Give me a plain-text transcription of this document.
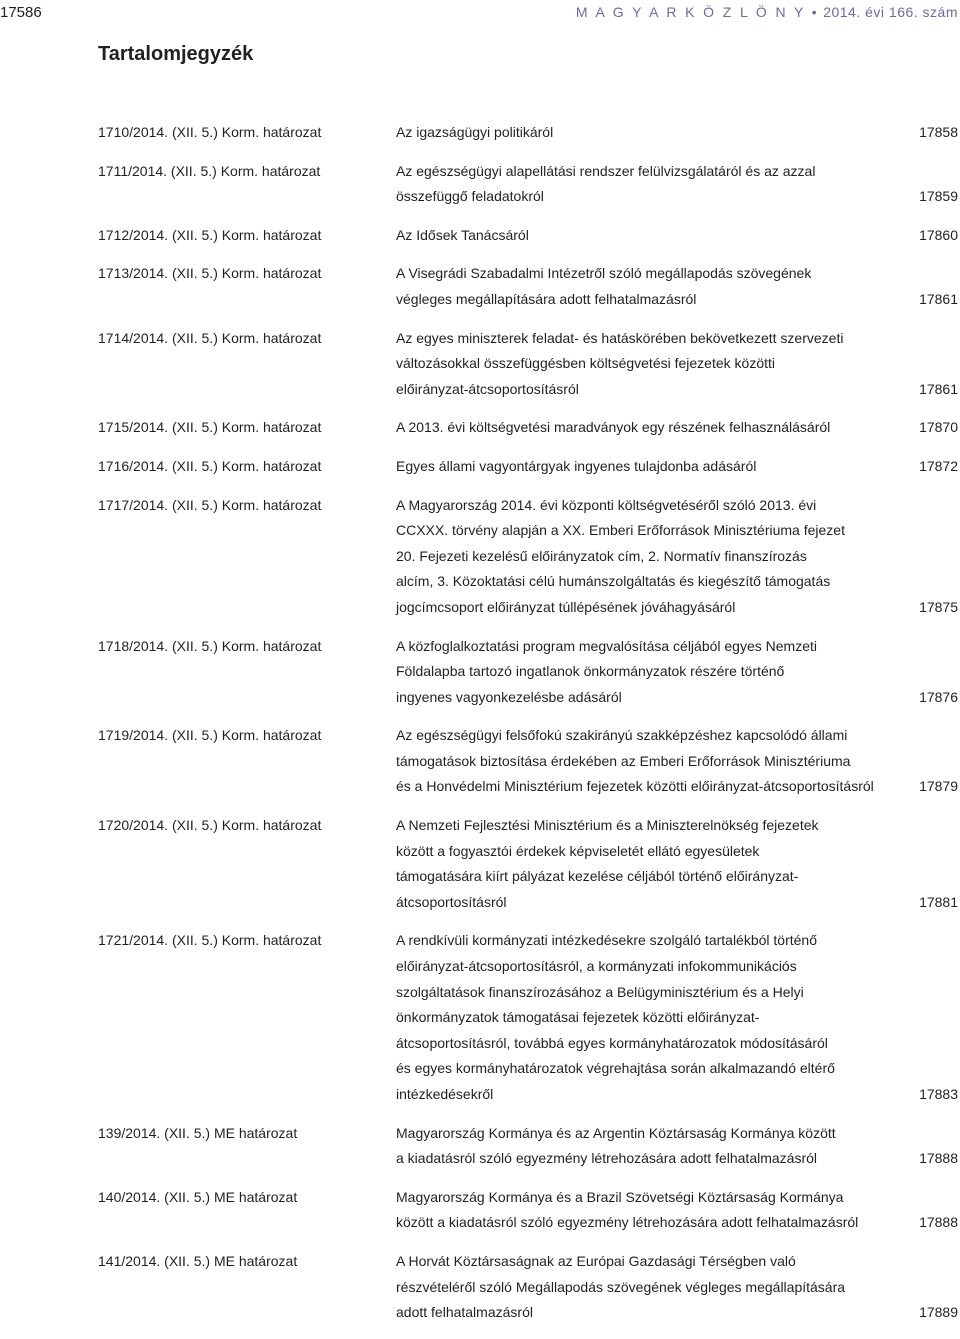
17586	M A G Y A R K Ö Z L Ö N Y • 2014. évi 166. szám
Tartalomjegyzék
1710/2014. (XII. 5.) Korm. határozat	Az igazságügyi politikáról	17858
1711/2014. (XII. 5.) Korm. határozat	Az egészségügyi alapellátási rendszer felülvizsgálatáról és az azzal
összefüggő feladatokról	17859
1712/2014. (XII. 5.) Korm. határozat	Az Idősek Tanácsáról	17860
1713/2014. (XII. 5.) Korm. határozat	A Visegrádi Szabadalmi Intézetről szóló megállapodás szövegének
végleges megállapítására adott felhatalmazásról	17861
1714/2014. (XII. 5.) Korm. határozat	Az egyes miniszterek feladat- és hatáskörében bekövetkezett szervezeti
változásokkal összefüggésben költségvetési fejezetek közötti
előirányzat-átcsoportosításról	17861
1715/2014. (XII. 5.) Korm. határozat	A 2013. évi költségvetési maradványok egy részének felhasználásáról	17870
1716/2014. (XII. 5.) Korm. határozat	Egyes állami vagyontárgyak ingyenes tulajdonba adásáról	17872
1717/2014. (XII. 5.) Korm. határozat	A Magyarország 2014. évi központi költségvetéséről szóló 2013. évi
CCXXX. törvény alapján a XX. Emberi Erőforrások Minisztériuma fejezet
20. Fejezeti kezelésű előirányzatok cím, 2. Normatív finanszírozás
alcím, 3. Közoktatási célú humánszolgáltatás és kiegészítő támogatás
jogcímcsoport előirányzat túllépésének jóváhagyásáról	17875
1718/2014. (XII. 5.) Korm. határozat	A közfoglalkoztatási program megvalósítása céljából egyes Nemzeti
Földalapba tartozó ingatlanok önkormányzatok részére történő
ingyenes vagyonkezelésbe adásáról	17876
1719/2014. (XII. 5.) Korm. határozat	Az egészségügyi felsőfokú szakirányú szakképzéshez kapcsolódó állami
támogatások biztosítása érdekében az Emberi Erőforrások Minisztériuma
és a Honvédelmi Minisztérium fejezetek közötti előirányzat-átcsoportosításról	17879
1720/2014. (XII. 5.) Korm. határozat	A Nemzeti Fejlesztési Minisztérium és a Miniszterelnökség fejezetek
között a fogyasztói érdekek képviseletét ellátó egyesületek
támogatására kiírt pályázat kezelése céljából történő előirányzat-
átcsoportosításról	17881
1721/2014. (XII. 5.) Korm. határozat	A rendkívüli kormányzati intézkedésekre szolgáló tartalékból történő
előirányzat-átcsoportosításról, a kormányzati infokommunikációs
szolgáltatások finanszírozásához a Belügyminisztérium és a Helyi
önkormányzatok támogatásai fejezetek közötti előirányzat-
átcsoportosításról, továbbá egyes kormányhatározatok módosításáról
és egyes kormányhatározatok végrehajtása során alkalmazandó eltérő
intézkedésekről	17883
139/2014. (XII. 5.) ME határozat	Magyarország Kormánya és az Argentin Köztársaság Kormánya között
a kiadatásról szóló egyezmény létrehozására adott felhatalmazásról	17888
140/2014. (XII. 5.) ME határozat	Magyarország Kormánya és a Brazil Szövetségi Köztársaság Kormánya
között a kiadatásról szóló egyezmény létrehozására adott felhatalmazásról	17888
141/2014. (XII. 5.) ME határozat	A Horvát Köztársaságnak az Európai Gazdasági Térségben való
részvételéről szóló Megállapodás szövegének végleges megállapítására
adott felhatalmazásról	17889
